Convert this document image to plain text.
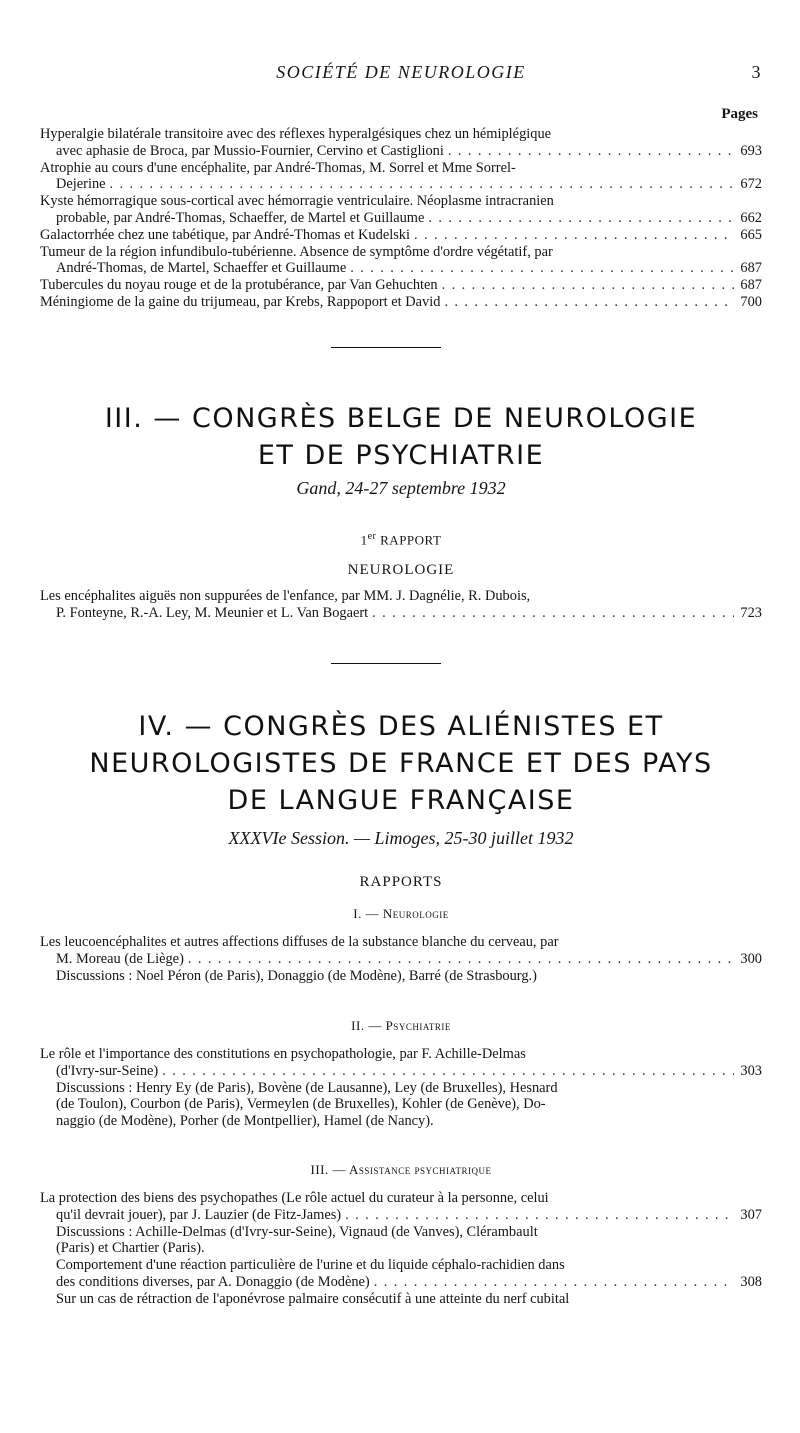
SOCIÉTÉ DE NEUROLOGIE	3
Pages
Hyperalgie bilatérale transitoire avec des réflexes hyperalgésiques chez un hémiplégique
avec aphasie de Broca, par Mussio-Fournier, Cervino et Castiglioni . . .	693
Atrophie au cours d'une encéphalite, par André-Thomas, M. Sorrel et Mme Sorrel-
Dejerine . . .	672
Kyste hémorragique sous-cortical avec hémorragie ventriculaire. Néoplasme intracranien
probable, par André-Thomas, Schaeffer, de Martel et Guillaume . . .	662
Galactorrhée chez une tabétique, par André-Thomas et Kudelski . . .	665
Tumeur de la région infundibulo-tubérienne. Absence de symptôme d'ordre végétatif, par
André-Thomas, de Martel, Schaeffer et Guillaume . . .	687
Tubercules du noyau rouge et de la protubérance, par Van Gehuchten . . .	687
Méningiome de la gaine du trijumeau, par Krebs, Rappoport et David . . .	700
III. — CONGRÈS BELGE DE NEUROLOGIE
ET DE PSYCHIATRIE
Gand, 24-27 septembre 1932
1er RAPPORT
NEUROLOGIE
Les encéphalites aiguës non suppurées de l'enfance, par MM. J. Dagnélie, R. Dubois,
P. Fonteyne, R.-A. Ley, M. Meunier et L. Van Bogaert . . .	723
IV. — CONGRÈS DES ALIÉNISTES ET
NEUROLOGISTES DE FRANCE ET DES PAYS
DE LANGUE FRANÇAISE
XXXVIe Session. — Limoges, 25-30 juillet 1932
RAPPORTS
I. — Neurologie
Les leucoencéphalites et autres affections diffuses de la substance blanche du cerveau, par
M. Moreau (de Liège) . . .	300
Discussions : Noel Péron (de Paris), Donaggio (de Modène), Barré (de Strasbourg.)
II. — Psychiatrie
Le rôle et l'importance des constitutions en psychopathologie, par F. Achille-Delmas
(d'Ivry-sur-Seine) . . .	303
Discussions : Henry Ey (de Paris), Bovène (de Lausanne), Ley (de Bruxelles), Hesnard
(de Toulon), Courbon (de Paris), Vermeylen (de Bruxelles), Kohler (de Genève), Do-
naggio (de Modène), Porher (de Montpellier), Hamel (de Nancy).
III. — Assistance psychiatrique
La protection des biens des psychopathes (Le rôle actuel du curateur à la personne, celui
qu'il devrait jouer), par J. Lauzier (de Fitz-James) . . .	307
Discussions : Achille-Delmas (d'Ivry-sur-Seine), Vignaud (de Vanves), Clérambault
(Paris) et Chartier (Paris).
Comportement d'une réaction particulière de l'urine et du liquide céphalo-rachidien dans
des conditions diverses, par A. Donaggio (de Modène) . . .	308
Sur un cas de rétraction de l'aponévrose palmaire consécutif à une atteinte du nerf cubital
